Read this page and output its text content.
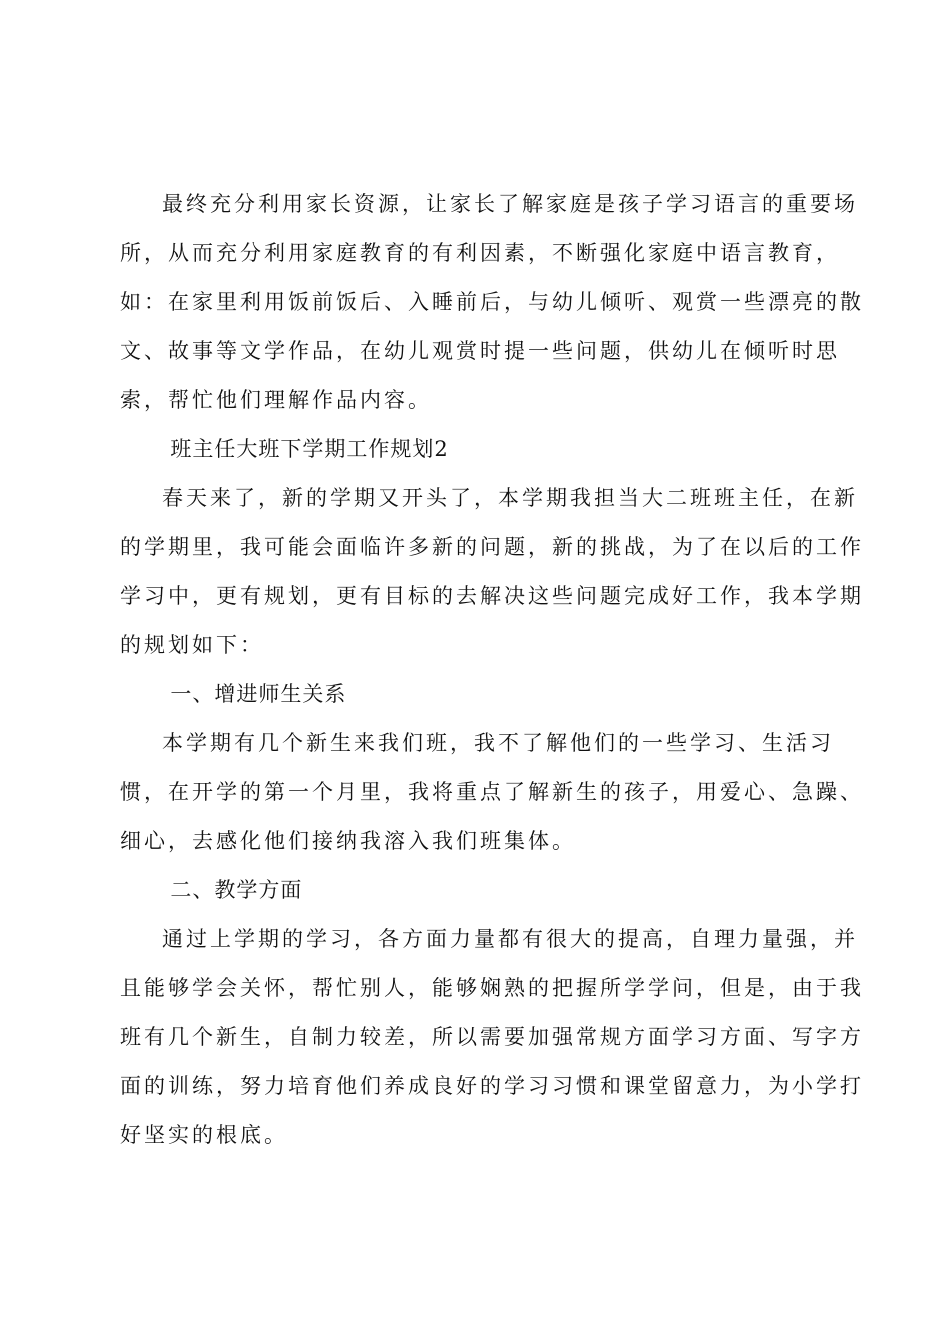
最终充分利用家长资源，让家长了解家庭是孩子学习语言的重要场
所，从而充分利用家庭教育的有利因素，不断强化家庭中语言教育，
如：在家里利用饭前饭后、入睡前后，与幼儿倾听、观赏一些漂亮的散
文、故事等文学作品，在幼儿观赏时提一些问题，供幼儿在倾听时思
索，帮忙他们理解作品内容。

班主任大班下学期工作规划2

春天来了，新的学期又开头了，本学期我担当大二班班主任，在新
的学期里，我可能会面临许多新的问题，新的挑战，为了在以后的工作
学习中，更有规划，更有目标的去解决这些问题完成好工作，我本学期
的规划如下：

一、增进师生关系

本学期有几个新生来我们班，我不了解他们的一些学习、生活习
惯，在开学的第一个月里，我将重点了解新生的孩子，用爱心、急躁、
细心，去感化他们接纳我溶入我们班集体。

二、教学方面

通过上学期的学习，各方面力量都有很大的提高，自理力量强，并
且能够学会关怀，帮忙别人，能够娴熟的把握所学学问，但是，由于我
班有几个新生，自制力较差，所以需要加强常规方面学习方面、写字方
面的训练，努力培育他们养成良好的学习习惯和课堂留意力，为小学打
好坚实的根底。
